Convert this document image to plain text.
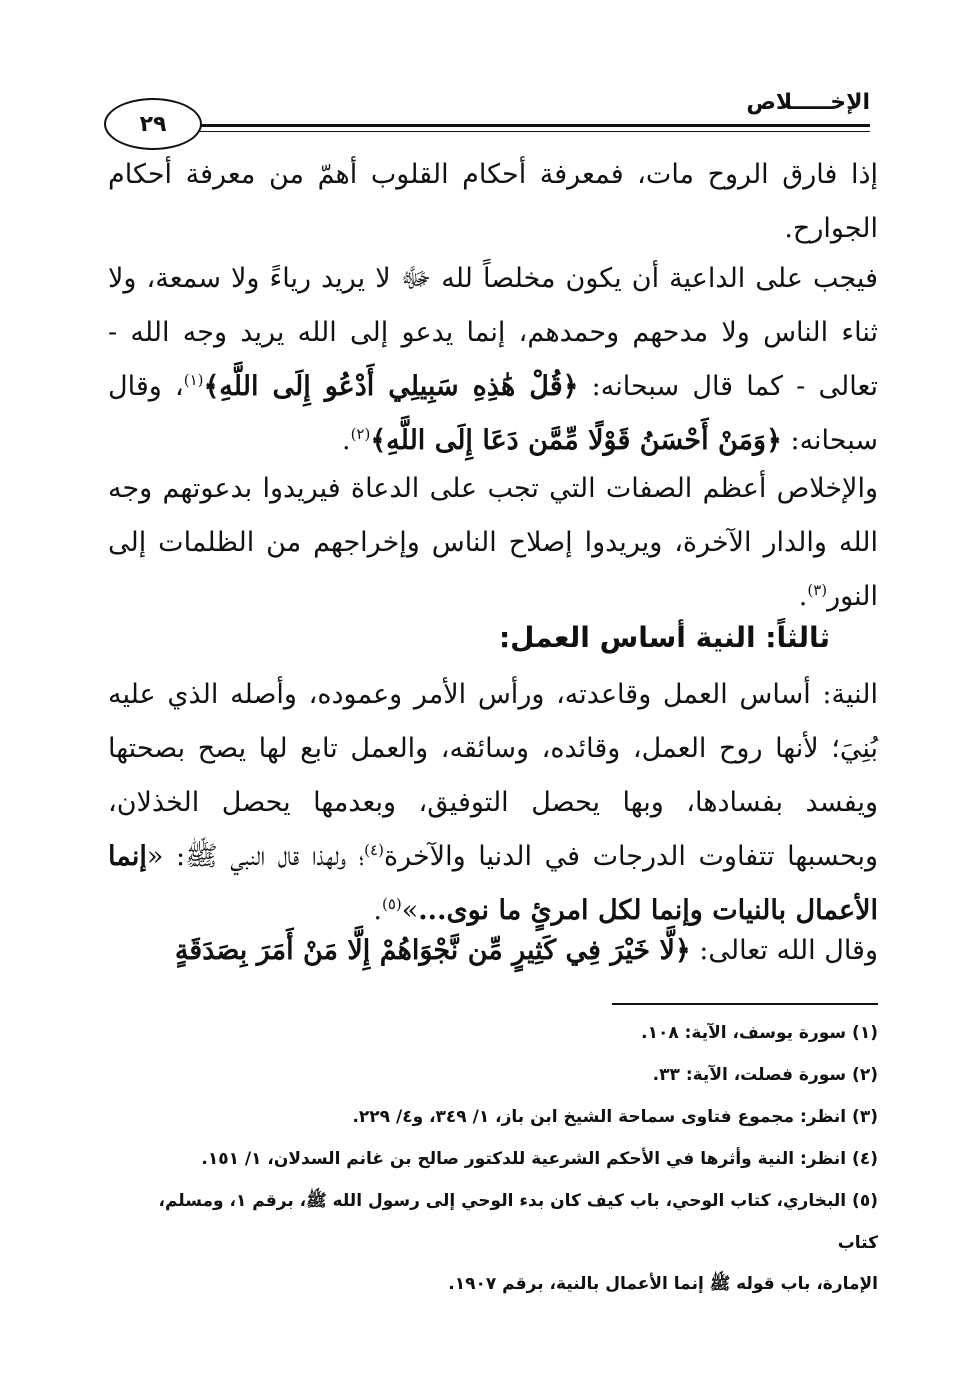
الإخـــــلاص
٢٩
إذا فارق الروح مات، فمعرفة أحكام القلوب أهمّ من معرفة أحكام الجوارح.
فيجب على الداعية أن يكون مخلصاً لله ﷻ لا يريد رياءً ولا سمعة، ولا ثناء الناس ولا مدحهم وحمدهم، إنما يدعو إلى الله يريد وجه الله - تعالى - كما قال سبحانه: ﴿قُلْ هَٰذِهِ سَبِيلِي أَدْعُو إِلَى اللَّهِ﴾$^{(١)}$، وقال سبحانه: ﴿وَمَنْ أَحْسَنُ قَوْلًا مِّمَّن دَعَا إِلَى اللَّهِ﴾$^{(٢)}$.
والإخلاص أعظم الصفات التي تجب على الدعاة فيريدوا بدعوتهم وجه الله والدار الآخرة، ويريدوا إصلاح الناس وإخراجهم من الظلمات إلى النور$^{(٣)}$.
ثالثاً: النية أساس العمل:
النية: أساس العمل وقاعدته، ورأس الأمر وعموده، وأصله الذي عليه بُنِيَ؛ لأنها روح العمل، وقائده، وسائقه، والعمل تابع لها يصح بصحتها ويفسد بفسادها، وبها يحصل التوفيق، وبعدمها يحصل الخذلان، وبحسبها تتفاوت الدرجات في الدنيا والآخرة$^{(٤)}$؛ ولهذا قال النبي ﷺ: «إنما الأعمال بالنيات وإنما لكل امرئٍ ما نوى...»$^{(٥)}$.
وقال الله تعالى: ﴿لَّا خَيْرَ فِي كَثِيرٍ مِّن نَّجْوَاهُمْ إِلَّا مَنْ أَمَرَ بِصَدَقَةٍ
(١) سورة يوسف، الآية: ١٠٨.
(٢) سورة فصلت، الآية: ٣٣.
(٣) انظر: مجموع فتاوى سماحة الشيخ ابن باز، ١/ ٣٤٩، و٤/ ٢٢٩.
(٤) انظر: النية وأثرها في الأحكم الشرعية للدكتور صالح بن غانم السدلان، ١/ ١٥١.
(٥) البخاري، كتاب الوحي، باب كيف كان بدء الوحي إلى رسول الله ﷺ، برقم ١، ومسلم، كتاب
الإمارة، باب قوله ﷺ إنما الأعمال بالنية، برقم ١٩٠٧.
